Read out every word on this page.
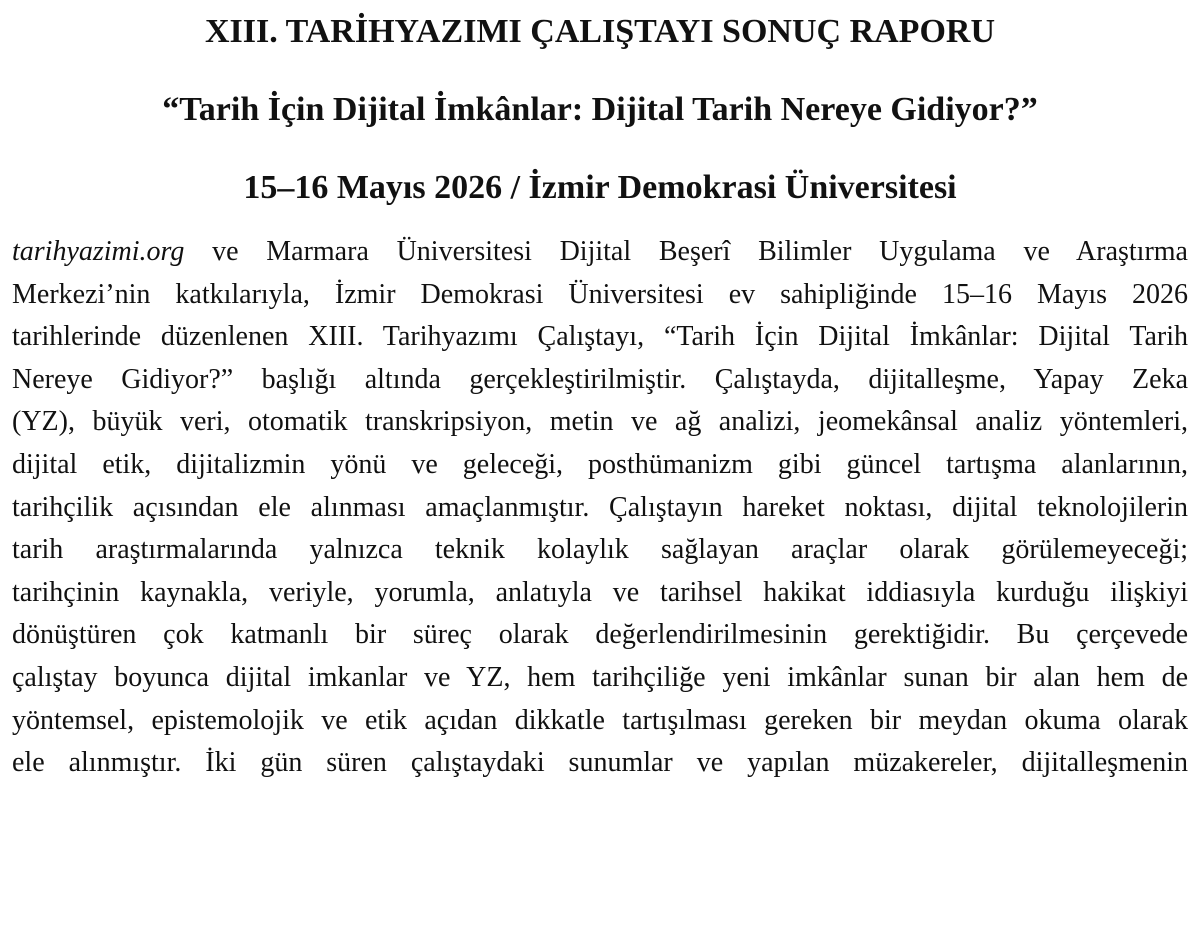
XIII. TARİHYAZIMI ÇALIŞTAYI SONUÇ RAPORU
“Tarih İçin Dijital İmkânlar: Dijital Tarih Nereye Gidiyor?”
15–16 Mayıs 2026 / İzmir Demokrasi Üniversitesi
tarihyazimi.org ve Marmara Üniversitesi Dijital Beşerî Bilimler Uygulama ve Araştırma
Merkezi’nin katkılarıyla, İzmir Demokrasi Üniversitesi ev sahipliğinde 15–16 Mayıs 2026
tarihlerinde düzenlenen XIII. Tarihyazımı Çalıştayı, “Tarih İçin Dijital İmkânlar: Dijital Tarih
Nereye Gidiyor?” başlığı altında gerçekleştirilmiştir. Çalıştayda, dijitalleşme, Yapay Zeka
(YZ), büyük veri, otomatik transkripsiyon, metin ve ağ analizi, jeomekânsal analiz yöntemleri,
dijital etik, dijitalizmin yönü ve geleceği, posthümanizm gibi güncel tartışma alanlarının,
tarihçilik açısından ele alınması amaçlanmıştır. Çalıştayın hareket noktası, dijital teknolojilerin
tarih araştırmalarında yalnızca teknik kolaylık sağlayan araçlar olarak görülemeyeceği;
tarihçinin kaynakla, veriyle, yorumla, anlatıyla ve tarihsel hakikat iddiasıyla kurduğu ilişkiyi
dönüştüren çok katmanlı bir süreç olarak değerlendirilmesinin gerektiğidir. Bu çerçevede
çalıştay boyunca dijital imkanlar ve YZ, hem tarihçiliğe yeni imkânlar sunan bir alan hem de
yöntemsel, epistemolojik ve etik açıdan dikkatle tartışılması gereken bir meydan okuma olarak
ele alınmıştır. İki gün süren çalıştaydaki sunumlar ve yapılan müzakereler, dijitalleşmenin
